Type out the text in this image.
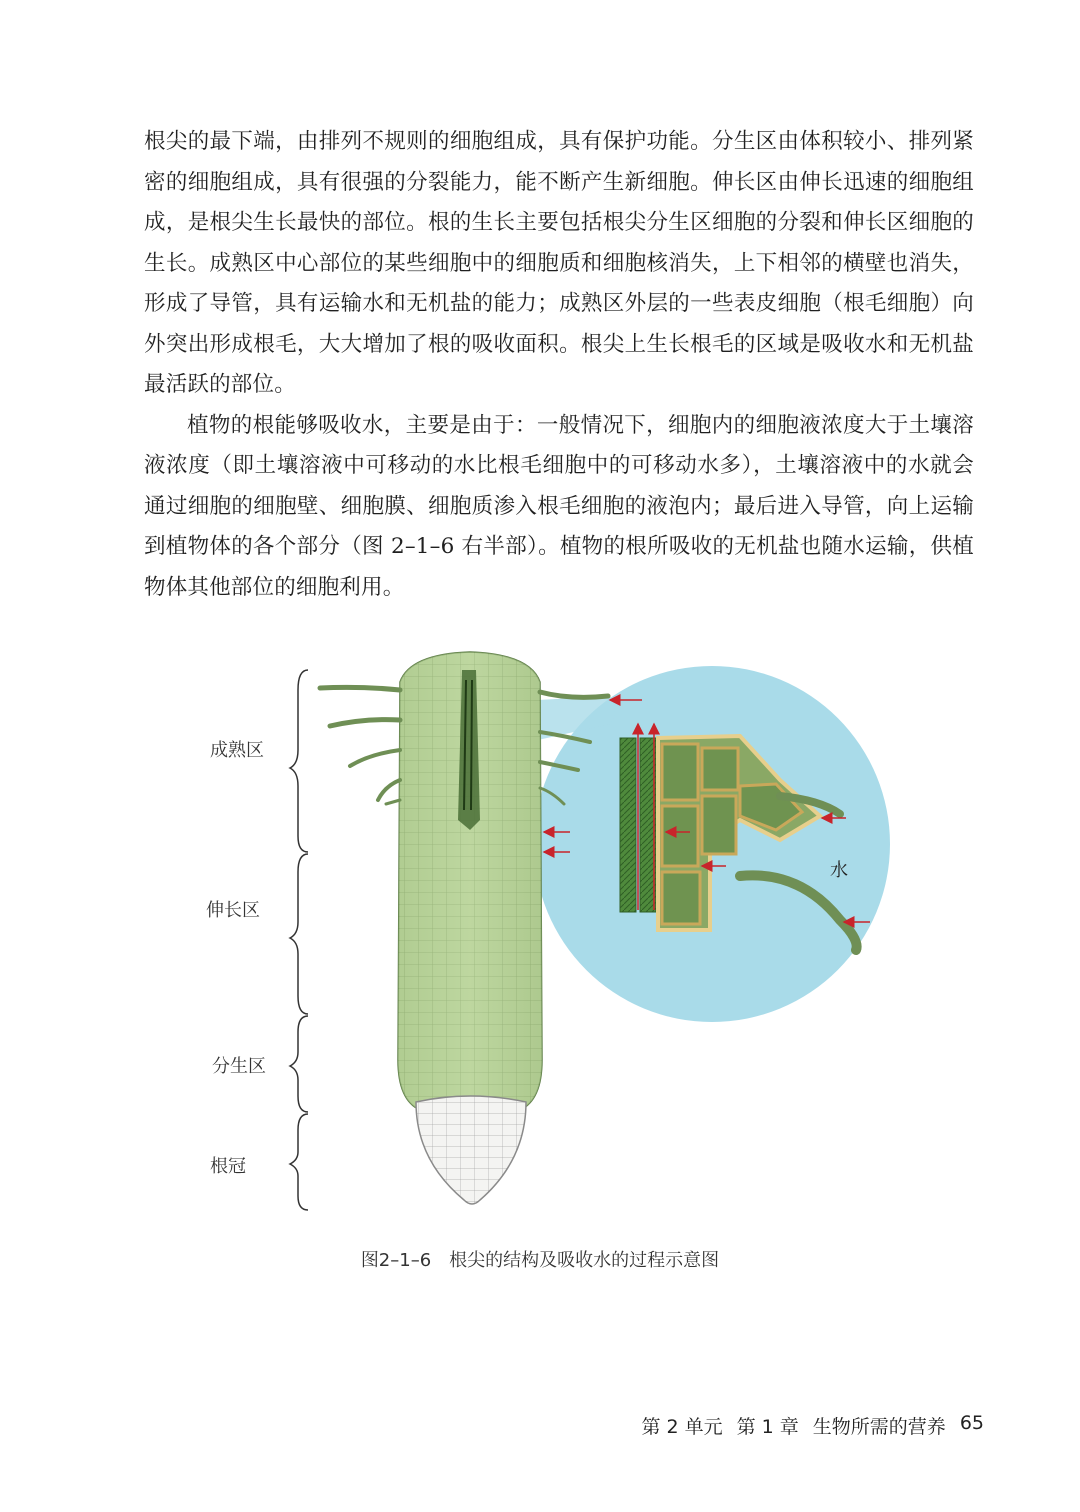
根尖的最下端，由排列不规则的细胞组成，具有保护功能。分生区由体积较小、排列紧密的细胞组成，具有很强的分裂能力，能不断产生新细胞。伸长区由伸长迅速的细胞组成，是根尖生长最快的部位。根的生长主要包括根尖分生区细胞的分裂和伸长区细胞的生长。成熟区中心部位的某些细胞中的细胞质和细胞核消失，上下相邻的横壁也消失，形成了导管，具有运输水和无机盐的能力；成熟区外层的一些表皮细胞（根毛细胞）向外突出形成根毛，大大增加了根的吸收面积。根尖上生长根毛的区域是吸收水和无机盐最活跃的部位。

植物的根能够吸收水，主要是由于：一般情况下，细胞内的细胞液浓度大于土壤溶液浓度（即土壤溶液中可移动的水比根毛细胞中的可移动水多），土壤溶液中的水就会通过细胞的细胞壁、细胞膜、细胞质渗入根毛细胞的液泡内；最后进入导管，向上运输到植物体的各个部分（图 2–1–6 右半部）。植物的根所吸收的无机盐也随水运输，供植物体其他部位的细胞利用。

成熟区
伸长区
分生区
根冠
水
图2–1–6　根尖的结构及吸收水的过程示意图
第 2 单元 第 1 章 生物所需的营养 65
